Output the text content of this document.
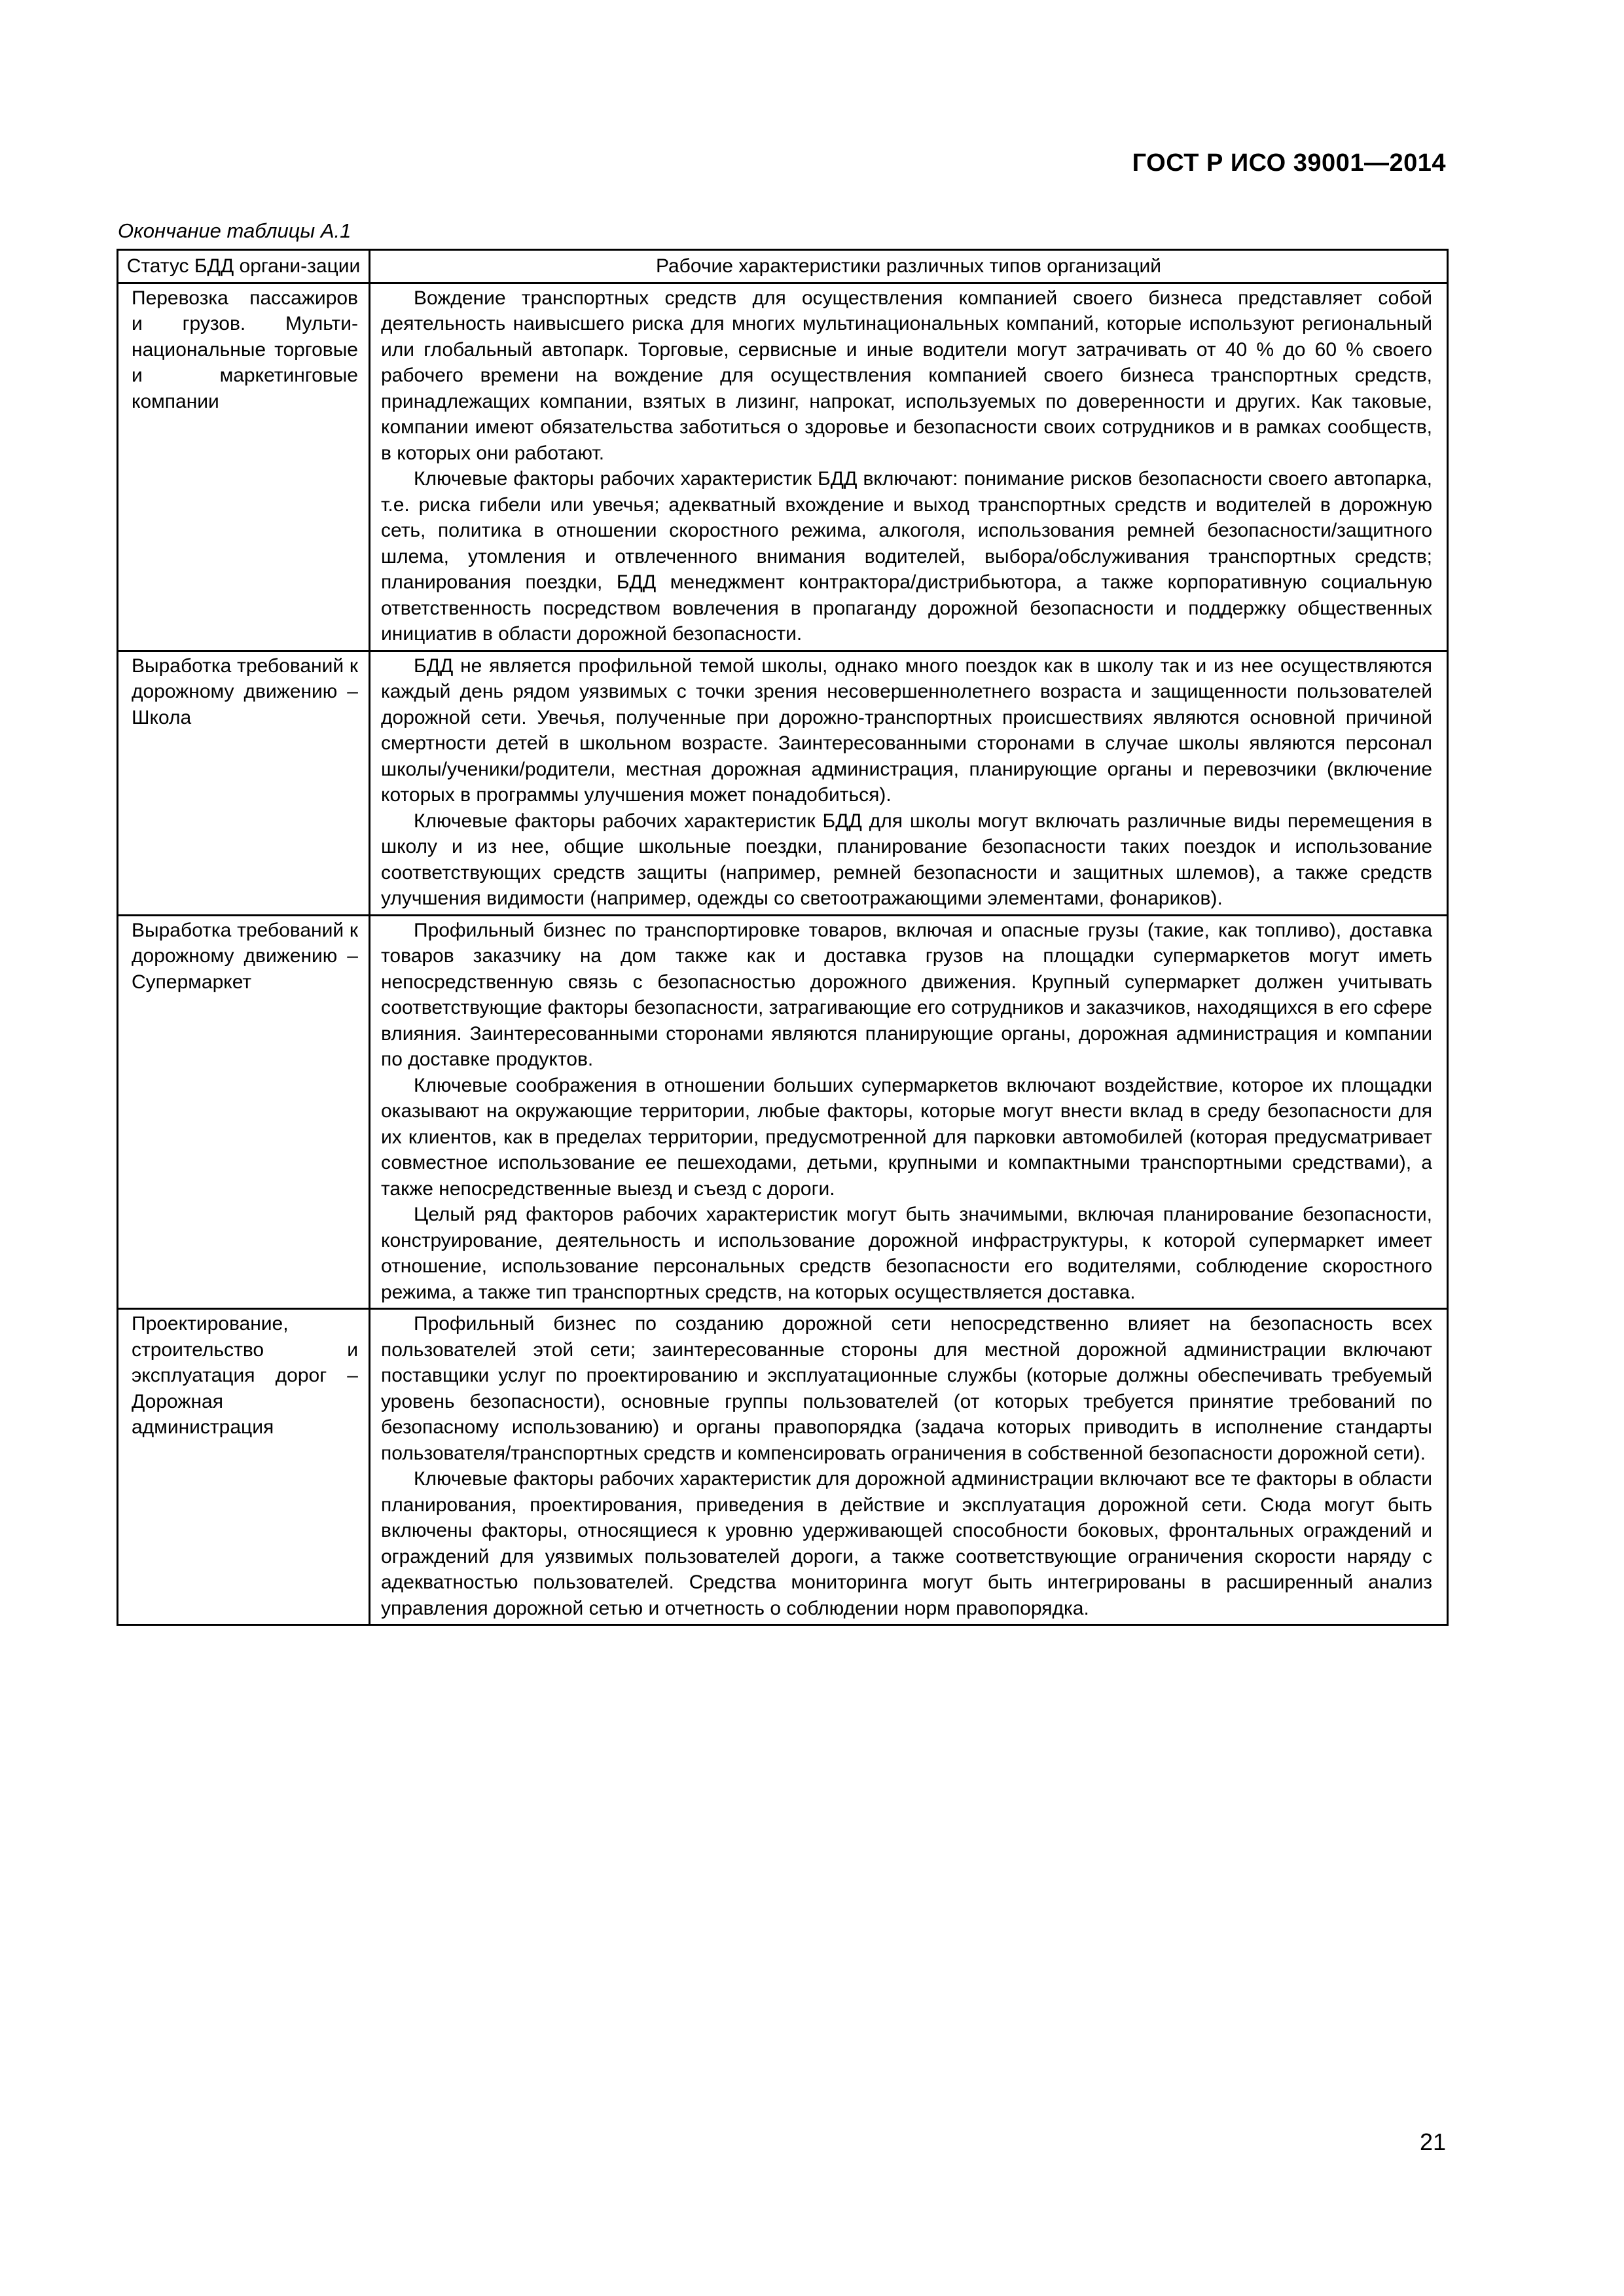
ГОСТ Р ИСО 39001—2014
Окончание таблицы А.1
Статус БДД органи-зации	Рабочие характеристики различных типов организаций
Перевозка пассажиров и грузов. Мульти-национальные торговые и маркетинговые компании	Вождение транспортных средств для осуществления компанией своего бизнеса представляет собой деятельность наивысшего риска для многих мультинациональных компаний, которые используют региональный или глобальный автопарк. Торговые, сервисные и иные водители могут затрачивать от 40 % до 60 % своего рабочего времени на вождение для осуществления компанией своего бизнеса транспортных средств, принадлежащих компании, взятых в лизинг, напрокат, используемых по доверенности и других. Как таковые, компании имеют обязательства заботиться о здоровье и безопасности своих сотрудников и в рамках сообществ, в которых они работают.

Ключевые факторы рабочих характеристик БДД включают: понимание рисков безопасности своего автопарка, т.е. риска гибели или увечья; адекватный вхождение и выход транспортных средств и водителей в дорожную сеть, политика в отношении скоростного режима, алкоголя, использования ремней безопасности/защитного шлема, утомления и отвлеченного внимания водителей, выбора/обслуживания транспортных средств; планирования поездки, БДД менеджмент контрактора/дистрибьютора, а также корпоративную социальную ответственность посредством вовлечения в пропаганду дорожной безопасности и поддержку общественных инициатив в области дорожной безопасности.

Выработка требований к дорожному движению – Школа	БДД не является профильной темой школы, однако много поездок как в школу так и из нее осуществляются каждый день рядом уязвимых с точки зрения несовершеннолетнего возраста и защищенности пользователей дорожной сети. Увечья, полученные при дорожно-транспортных происшествиях являются основной причиной смертности детей в школьном возрасте. Заинтересованными сторонами в случае школы являются персонал школы/ученики/родители, местная дорожная администрация, планирующие органы и перевозчики (включение которых в программы улучшения может понадобиться).

Ключевые факторы рабочих характеристик БДД для школы могут включать различные виды перемещения в школу и из нее, общие школьные поездки, планирование безопасности таких поездок и использование соответствующих средств защиты (например, ремней безопасности и защитных шлемов), а также средств улучшения видимости (например, одежды со светоотражающими элементами, фонариков).

Выработка требований к дорожному движению – Супермаркет	Профильный бизнес по транспортировке товаров, включая и опасные грузы (такие, как топливо), доставка товаров заказчику на дом также как и доставка грузов на площадки супермаркетов могут иметь непосредственную связь с безопасностью дорожного движения. Крупный супермаркет должен учитывать соответствующие факторы безопасности, затрагивающие его сотрудников и заказчиков, находящихся в его сфере влияния. Заинтересованными сторонами являются планирующие органы, дорожная администрация и компании по доставке продуктов.

Ключевые соображения в отношении больших супермаркетов включают воздействие, которое их площадки оказывают на окружающие территории, любые факторы, которые могут внести вклад в среду безопасности для их клиентов, как в пределах территории, предусмотренной для парковки автомобилей (которая предусматривает совместное использование ее пешеходами, детьми, крупными и компактными транспортными средствами), а также непосредственные выезд и съезд с дороги.

Целый ряд факторов рабочих характеристик могут быть значимыми, включая планирование безопасности, конструирование, деятельность и использование дорожной инфраструктуры, к которой супермаркет имеет отношение, использование персональных средств безопасности его водителями, соблюдение скоростного режима, а также тип транспортных средств, на которых осуществляется доставка.

Проектирование, строительство и эксплуатация дорог – Дорожная администрация	Профильный бизнес по созданию дорожной сети непосредственно влияет на безопасность всех пользователей этой сети; заинтересованные стороны для местной дорожной администрации включают поставщики услуг по проектированию и эксплуатационные службы (которые должны обеспечивать требуемый уровень безопасности), основные группы пользователей (от которых требуется принятие требований по безопасному использованию) и органы правопорядка (задача которых приводить в исполнение стандарты пользователя/транспортных средств и компенсировать ограничения в собственной безопасности дорожной сети).

Ключевые факторы рабочих характеристик для дорожной администрации включают все те факторы в области планирования, проектирования, приведения в действие и эксплуатация дорожной сети. Сюда могут быть включены факторы, относящиеся к уровню удерживающей способности боковых, фронтальных ограждений и ограждений для уязвимых пользователей дороги, а также соответствующие ограничения скорости наряду с адекватностью пользователей. Средства мониторинга могут быть интегрированы в расширенный анализ управления дорожной сетью и отчетность о соблюдении норм правопорядка.

21
